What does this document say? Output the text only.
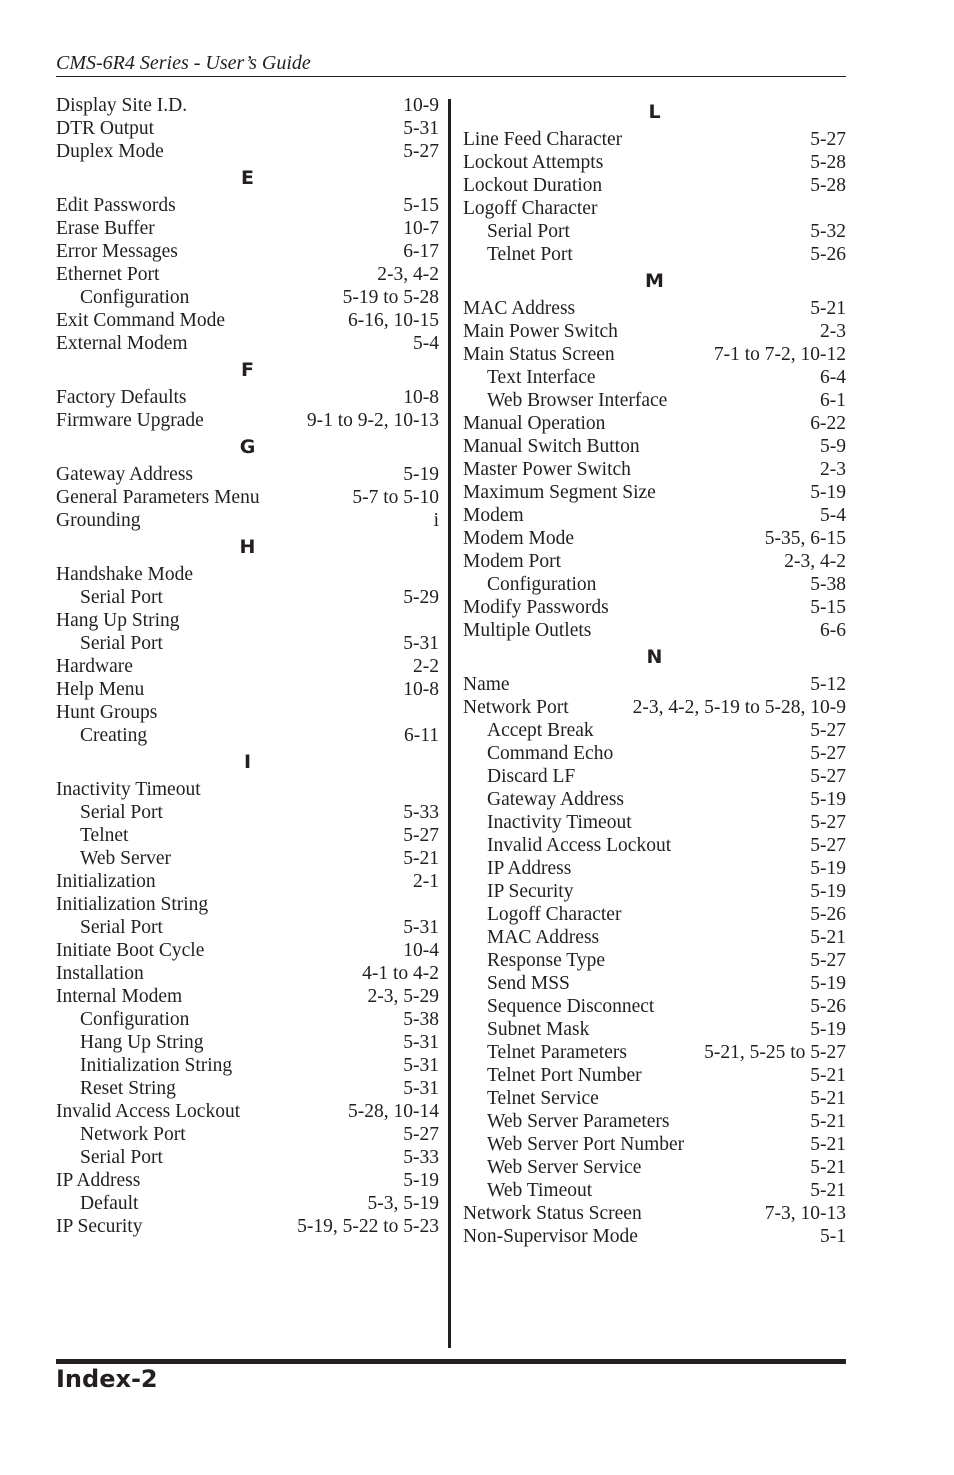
CMS-6R4 Series - User’s Guide
Display Site I.D.	10-9
DTR Output	5-31
Duplex Mode	5-27
E
Edit Passwords	5-15
Erase Buffer	10-7
Error Messages	6-17
Ethernet Port	2-3, 4-2
Configuration	5-19 to 5-28
Exit Command Mode	6-16, 10-15
External Modem	5-4
F
Factory Defaults	10-8
Firmware Upgrade	9-1 to 9-2, 10-13
G
Gateway Address	5-19
General Parameters Menu	5-7 to 5-10
Grounding	i
H
Handshake Mode
Serial Port	5-29
Hang Up String
Serial Port	5-31
Hardware	2-2
Help Menu	10-8
Hunt Groups
Creating	6-11
I
Inactivity Timeout
Serial Port	5-33
Telnet	5-27
Web Server	5-21
Initialization	2-1
Initialization String
Serial Port	5-31
Initiate Boot Cycle	10-4
Installation	4-1 to 4-2
Internal Modem	2-3, 5-29
Configuration	5-38
Hang Up String	5-31
Initialization String	5-31
Reset String	5-31
Invalid Access Lockout	5-28, 10-14
Network Port	5-27
Serial Port	5-33
IP Address	5-19
Default	5-3, 5-19
IP Security	5-19, 5-22 to 5-23
L
Line Feed Character	5-27
Lockout Attempts	5-28
Lockout Duration	5-28
Logoff Character
Serial Port	5-32
Telnet Port	5-26
M
MAC Address	5-21
Main Power Switch	2-3
Main Status Screen	7-1 to 7-2, 10-12
Text Interface	6-4
Web Browser Interface	6-1
Manual Operation	6-22
Manual Switch Button	5-9
Master Power Switch	2-3
Maximum Segment Size	5-19
Modem	5-4
Modem Mode	5-35, 6-15
Modem Port	2-3, 4-2
Configuration	5-38
Modify Passwords	5-15
Multiple Outlets	6-6
N
Name	5-12
Network Port	2-3, 4-2, 5-19 to 5-28, 10-9
Accept Break	5-27
Command Echo	5-27
Discard LF	5-27
Gateway Address	5-19
Inactivity Timeout	5-27
Invalid Access Lockout	5-27
IP Address	5-19
IP Security	5-19
Logoff Character	5-26
MAC Address	5-21
Response Type	5-27
Send MSS	5-19
Sequence Disconnect	5-26
Subnet Mask	5-19
Telnet Parameters	5-21, 5-25 to 5-27
Telnet Port Number	5-21
Telnet Service	5-21
Web Server Parameters	5-21
Web Server Port Number	5-21
Web Server Service	5-21
Web Timeout	5-21
Network Status Screen	7-3, 10-13
Non-Supervisor Mode	5-1
Index-2
